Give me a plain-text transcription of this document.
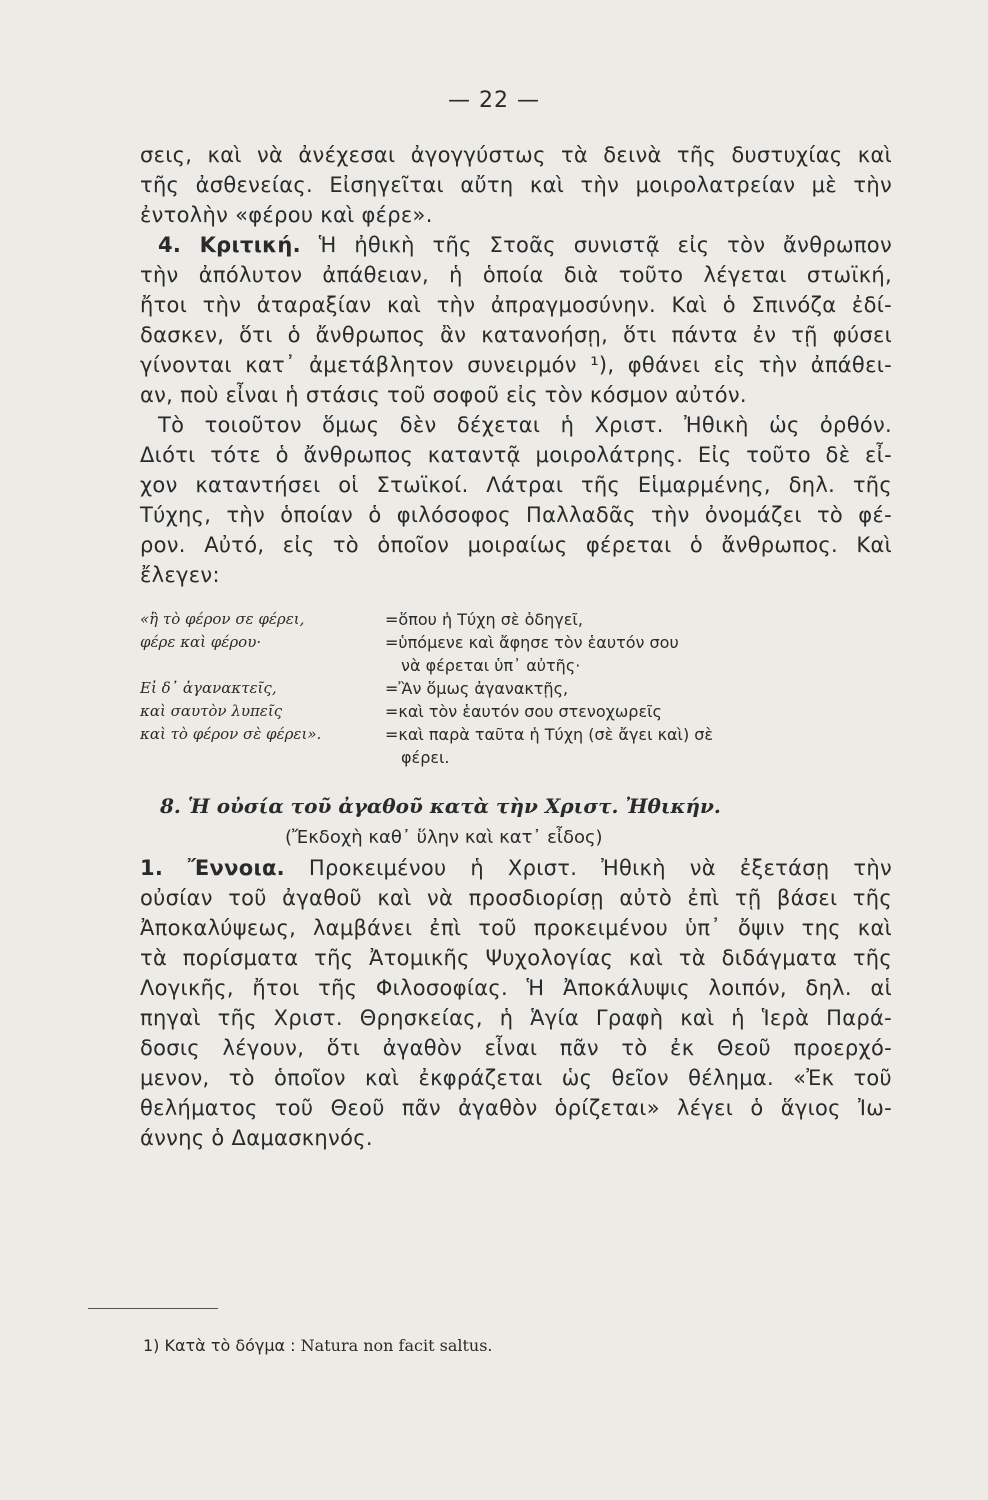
— 22 —
σεις, καὶ νὰ ἀνέχεσαι ἀγογγύστως τὰ δεινὰ τῆς δυστυχίας καὶ
τῆς ἀσθενείας. Εἰσηγεῖται αὔτη καὶ τὴν μοιρολατρείαν μὲ τὴν
ἐντολὴν «φέρου καὶ φέρε».
4. Κριτική. Ἡ ἠθικὴ τῆς Στοᾶς συνιστᾷ εἰς τὸν ἄνθρωπον
τὴν ἀπόλυτον ἀπάθειαν, ἡ ὁποία διὰ τοῦτο λέγεται στωϊκή,
ἤτοι τὴν ἀταραξίαν καὶ τὴν ἀπραγμοσύνην. Καὶ ὁ Σπινόζα ἐδί-
δασκεν, ὅτι ὁ ἄνθρωπος ἂν κατανοήσῃ, ὅτι πάντα ἐν τῇ φύσει
γίνονται κατ᾽ ἀμετάβλητον συνειρμόν ¹), φθάνει εἰς τὴν ἀπάθει-
αν, ποὺ εἶναι ἡ στάσις τοῦ σοφοῦ εἰς τὸν κόσμον αὐτόν.
Τὸ τοιοῦτον ὅμως δὲν δέχεται ἡ Χριστ. Ἠθικὴ ὡς ὀρθόν.
Διότι τότε ὁ ἄνθρωπος καταντᾷ μοιρολάτρης. Εἰς τοῦτο δὲ εἶ-
χον καταντήσει οἱ Στωϊκοί. Λάτραι τῆς Εἱμαρμένης, δηλ. τῆς
Τύχης, τὴν ὁποίαν ὁ φιλόσοφος Παλλαδᾶς τὴν ὀνομάζει τὸ φέ-
ρον. Αὐτό, εἰς τὸ ὁποῖον μοιραίως φέρεται ὁ ἄνθρωπος. Καὶ
ἔλεγεν:
«ἢ τὸ φέρον σε φέρει,
φέρε καὶ φέρου·
Εἰ δ᾽ ἀγανακτεῖς,
καὶ σαυτὸν λυπεῖς
καὶ τὸ φέρον σὲ φέρει».
=ὅπου ἡ Τύχη σὲ ὁδηγεῖ,
=ὑπόμενε καὶ ἄφησε τὸν ἑαυτόν σου
νὰ φέρεται ὑπ᾽ αὐτῆς·
=Ἂν ὅμως ἀγανακτῇς,
=καὶ τὸν ἑαυτόν σου στενοχωρεῖς
=καὶ παρὰ ταῦτα ἡ Τύχη (σὲ ἄγει καὶ) σὲ
φέρει.
8. Ἡ οὐσία τοῦ ἀγαθοῦ κατὰ τὴν Χριστ. Ἠθικήν.
(Ἔκδοχὴ καθ᾽ ὕλην καὶ κατ᾽ εἶδος)
1. Ἔννοια. Προκειμένου ἡ Χριστ. Ἠθικὴ νὰ ἐξετάσῃ τὴν
οὐσίαν τοῦ ἀγαθοῦ καὶ νὰ προσδιορίσῃ αὐτὸ ἐπὶ τῇ βάσει τῆς
Ἀποκαλύψεως, λαμβάνει ἐπὶ τοῦ προκειμένου ὑπ᾽ ὄψιν της καὶ
τὰ πορίσματα τῆς Ἀτομικῆς Ψυχολογίας καὶ τὰ διδάγματα τῆς
Λογικῆς, ἤτοι τῆς Φιλοσοφίας. Ἡ Ἀποκάλυψις λοιπόν, δηλ. αἱ
πηγαὶ τῆς Χριστ. Θρησκείας, ἡ Ἁγία Γραφὴ καὶ ἡ Ἱερὰ Παρά-
δοσις λέγουν, ὅτι ἀγαθὸν εἶναι πᾶν τὸ ἐκ Θεοῦ προερχό-
μενον, τὸ ὁποῖον καὶ ἐκφράζεται ὡς θεῖον θέλημα. «Ἐκ τοῦ
θελήματος τοῦ Θεοῦ πᾶν ἀγαθὸν ὁρίζεται» λέγει ὁ ἅγιος Ἰω-
άννης ὁ Δαμασκηνός.
1) Κατὰ τὸ δόγμα : Natura non facit saltus.
